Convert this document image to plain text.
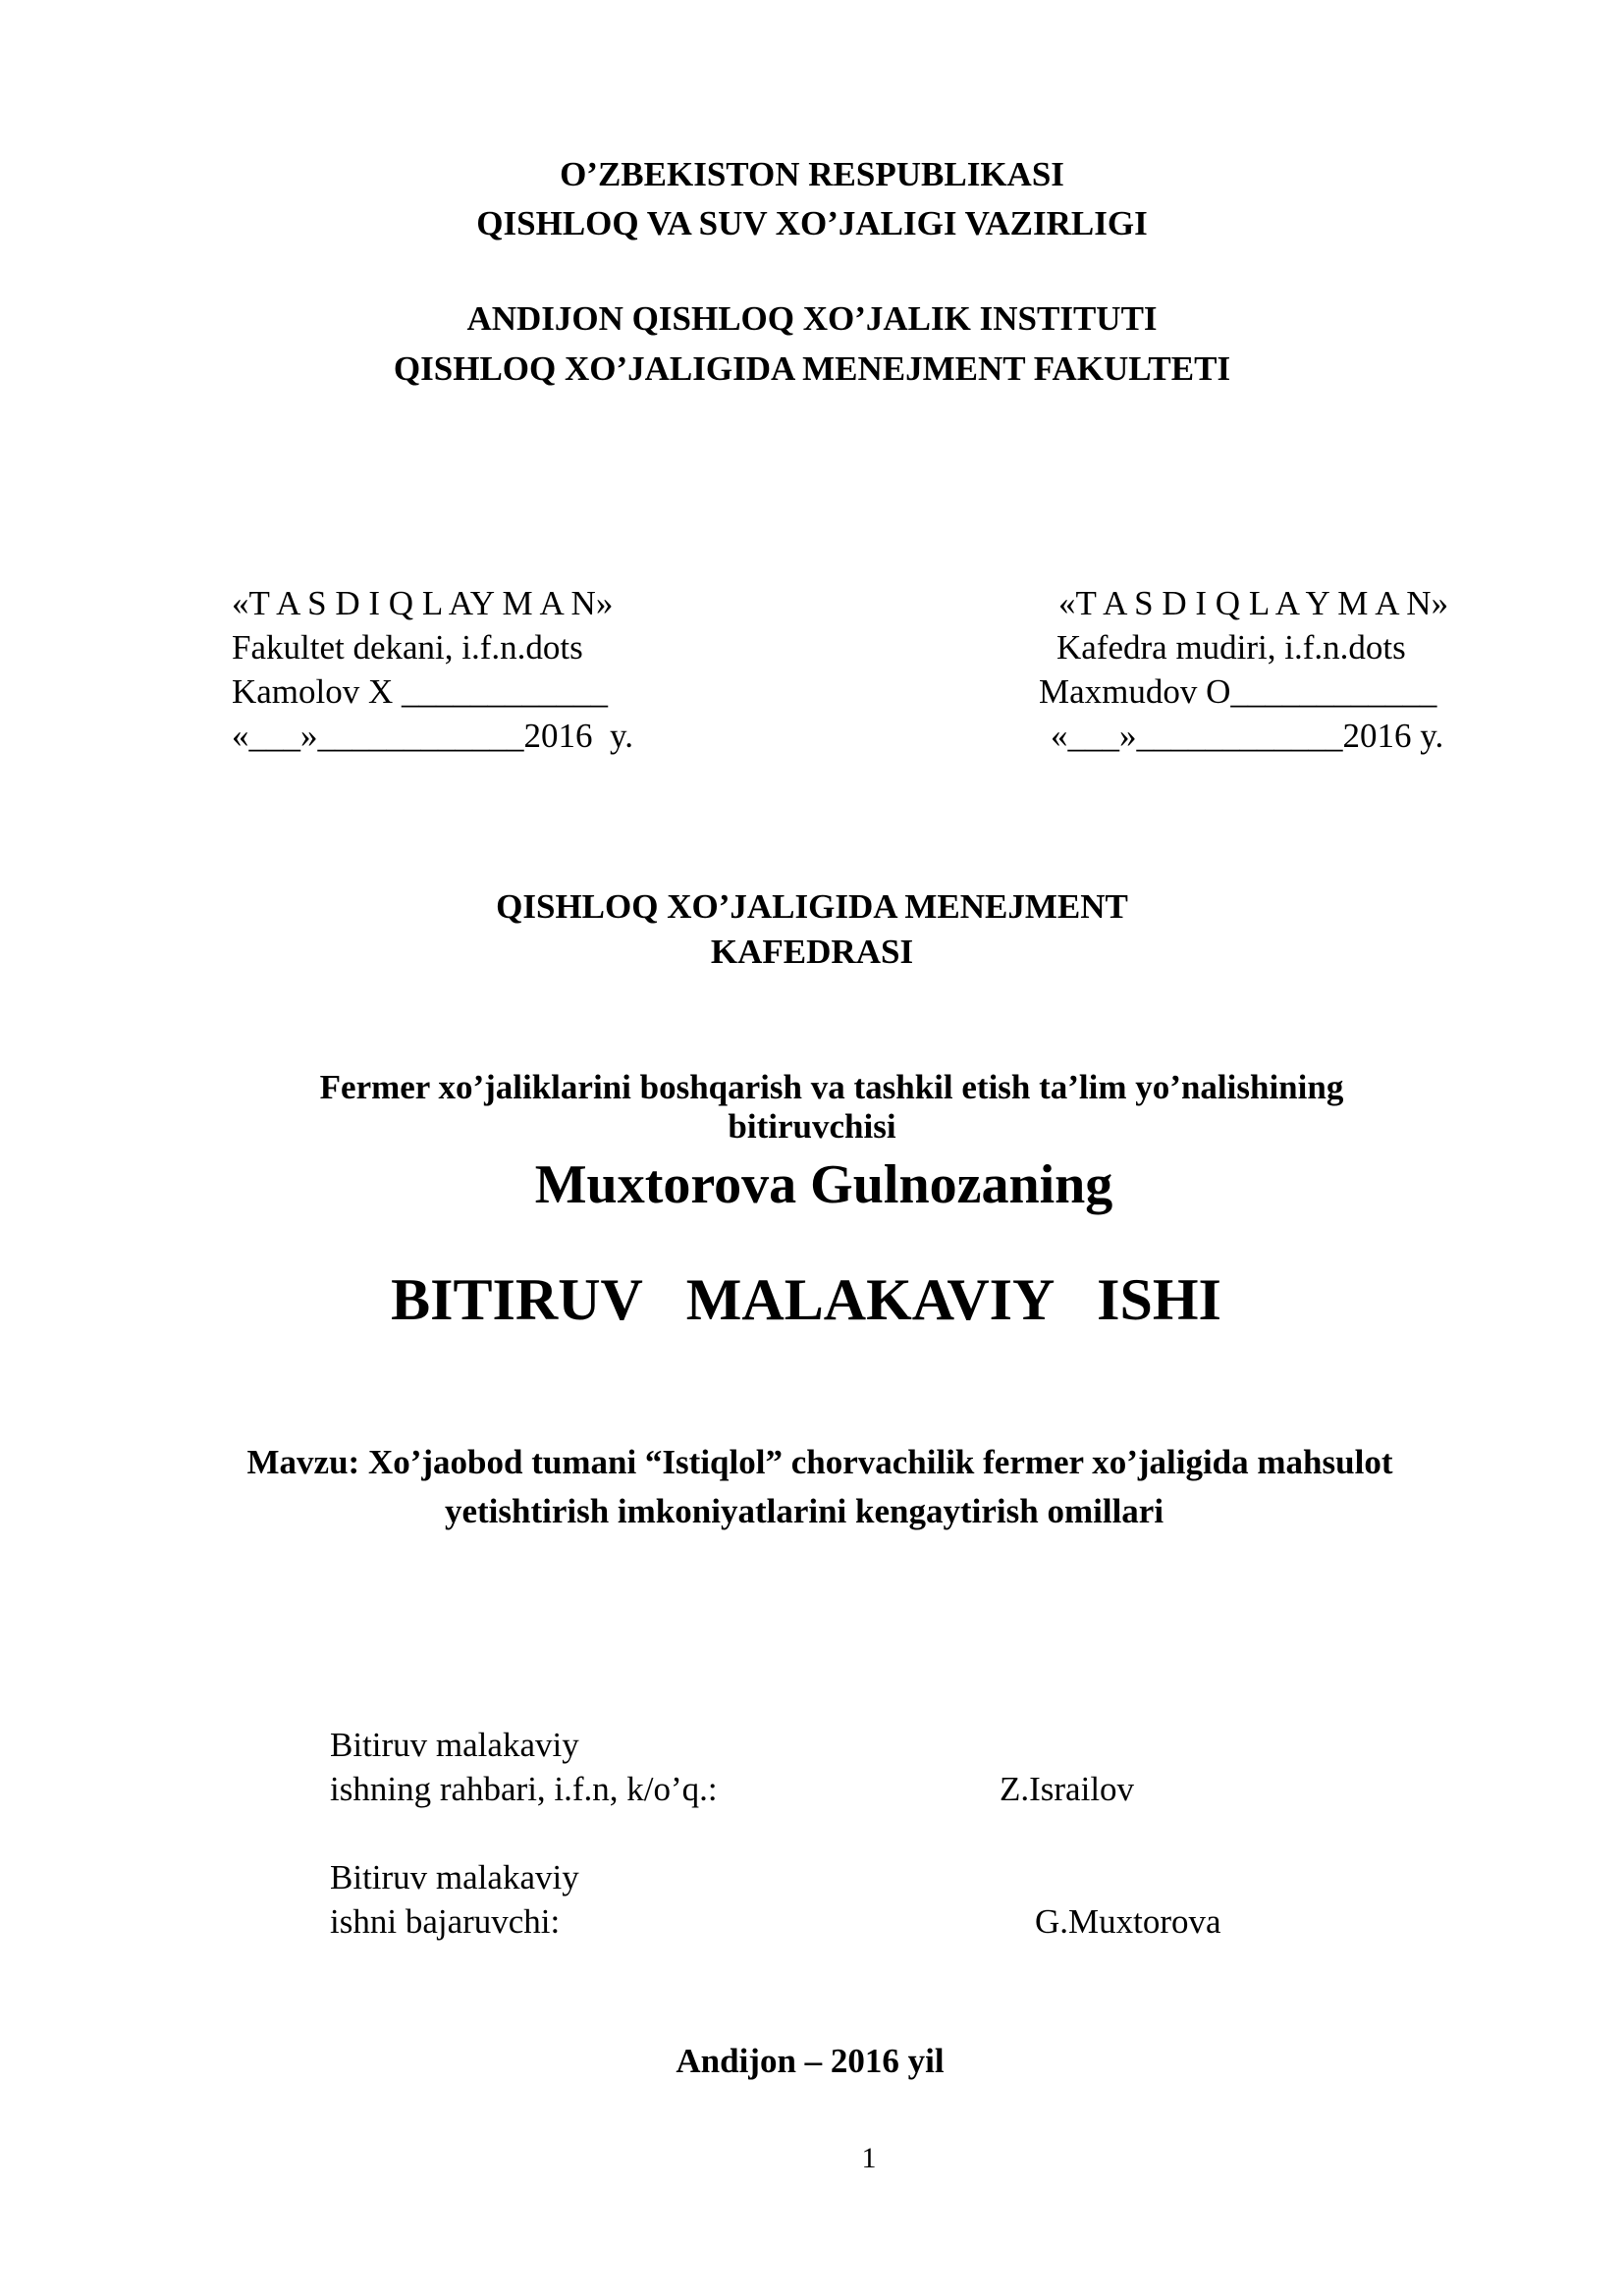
O’ZBEKISTON RESPUBLIKASI
QISHLOQ VA SUV XO’JALIGI VAZIRLIGI
ANDIJON QISHLOQ XO’JALIK INSTITUTI
QISHLOQ XO’JALIGIDA MENEJMENT FAKULTETI
«T A S D I Q L AY M A N»
Fakultet dekani, i.f.n.dots
Kamolov X ____________
«___»____________2016  y.
«T A S D I Q L A Y M A N»
Kafedra mudiri, i.f.n.dots
Maxmudov O____________
«___»____________2016 y.
QISHLOQ XO’JALIGIDA MENEJMENT
KAFEDRASI
Fermer xo’jaliklarini boshqarish va tashkil etish ta’lim yo’nalishining
bitiruvchisi
Muxtorova Gulnozaning
BITIRUV   MALAKAVIY   ISHI
Mavzu: Xo’jaobod tumani “Istiqlol” chorvachilik fermer xo’jaligida mahsulot
yetishtirish imkoniyatlarini kengaytirish omillari
Bitiruv malakaviy
ishning rahbari, i.f.n, k/o’q.:	Z.Israilov
Bitiruv malakaviy
ishni bajaruvchi:	G.Muxtorova
Andijon – 2016 yil
1
